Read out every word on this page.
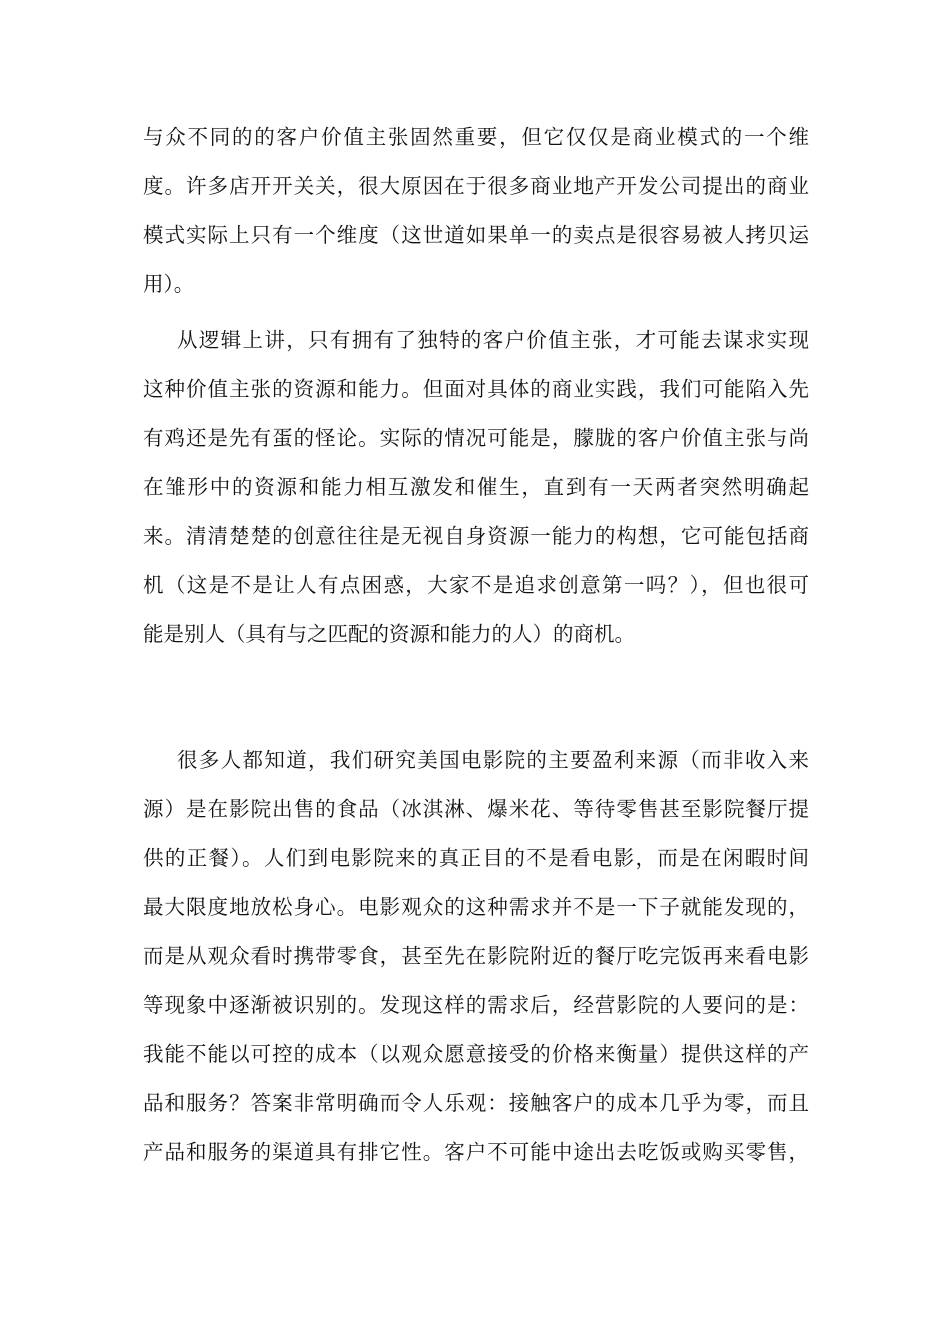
与众不同的的客户价值主张固然重要，但它仅仅是商业模式的一个维
度。许多店开开关关，很大原因在于很多商业地产开发公司提出的商业
模式实际上只有一个维度（这世道如果单一的卖点是很容易被人拷贝运
用）。
从逻辑上讲，只有拥有了独特的客户价值主张，才可能去谋求实现
这种价值主张的资源和能力。但面对具体的商业实践，我们可能陷入先
有鸡还是先有蛋的怪论。实际的情况可能是，朦胧的客户价值主张与尚
在雏形中的资源和能力相互激发和催生，直到有一天两者突然明确起
来。清清楚楚的创意往往是无视自身资源一能力的构想，它可能包括商
机（这是不是让人有点困惑，大家不是追求创意第一吗？），但也很可
能是别人（具有与之匹配的资源和能力的人）的商机。
很多人都知道，我们研究美国电影院的主要盈利来源（而非收入来
源）是在影院出售的食品（冰淇淋、爆米花、等待零售甚至影院餐厅提
供的正餐）。人们到电影院来的真正目的不是看电影，而是在闲暇时间
最大限度地放松身心。电影观众的这种需求并不是一下子就能发现的，
而是从观众看时携带零食，甚至先在影院附近的餐厅吃完饭再来看电影
等现象中逐渐被识别的。发现这样的需求后，经营影院的人要问的是：
我能不能以可控的成本（以观众愿意接受的价格来衡量）提供这样的产
品和服务？答案非常明确而令人乐观：接触客户的成本几乎为零，而且
产品和服务的渠道具有排它性。客户不可能中途出去吃饭或购买零售，
